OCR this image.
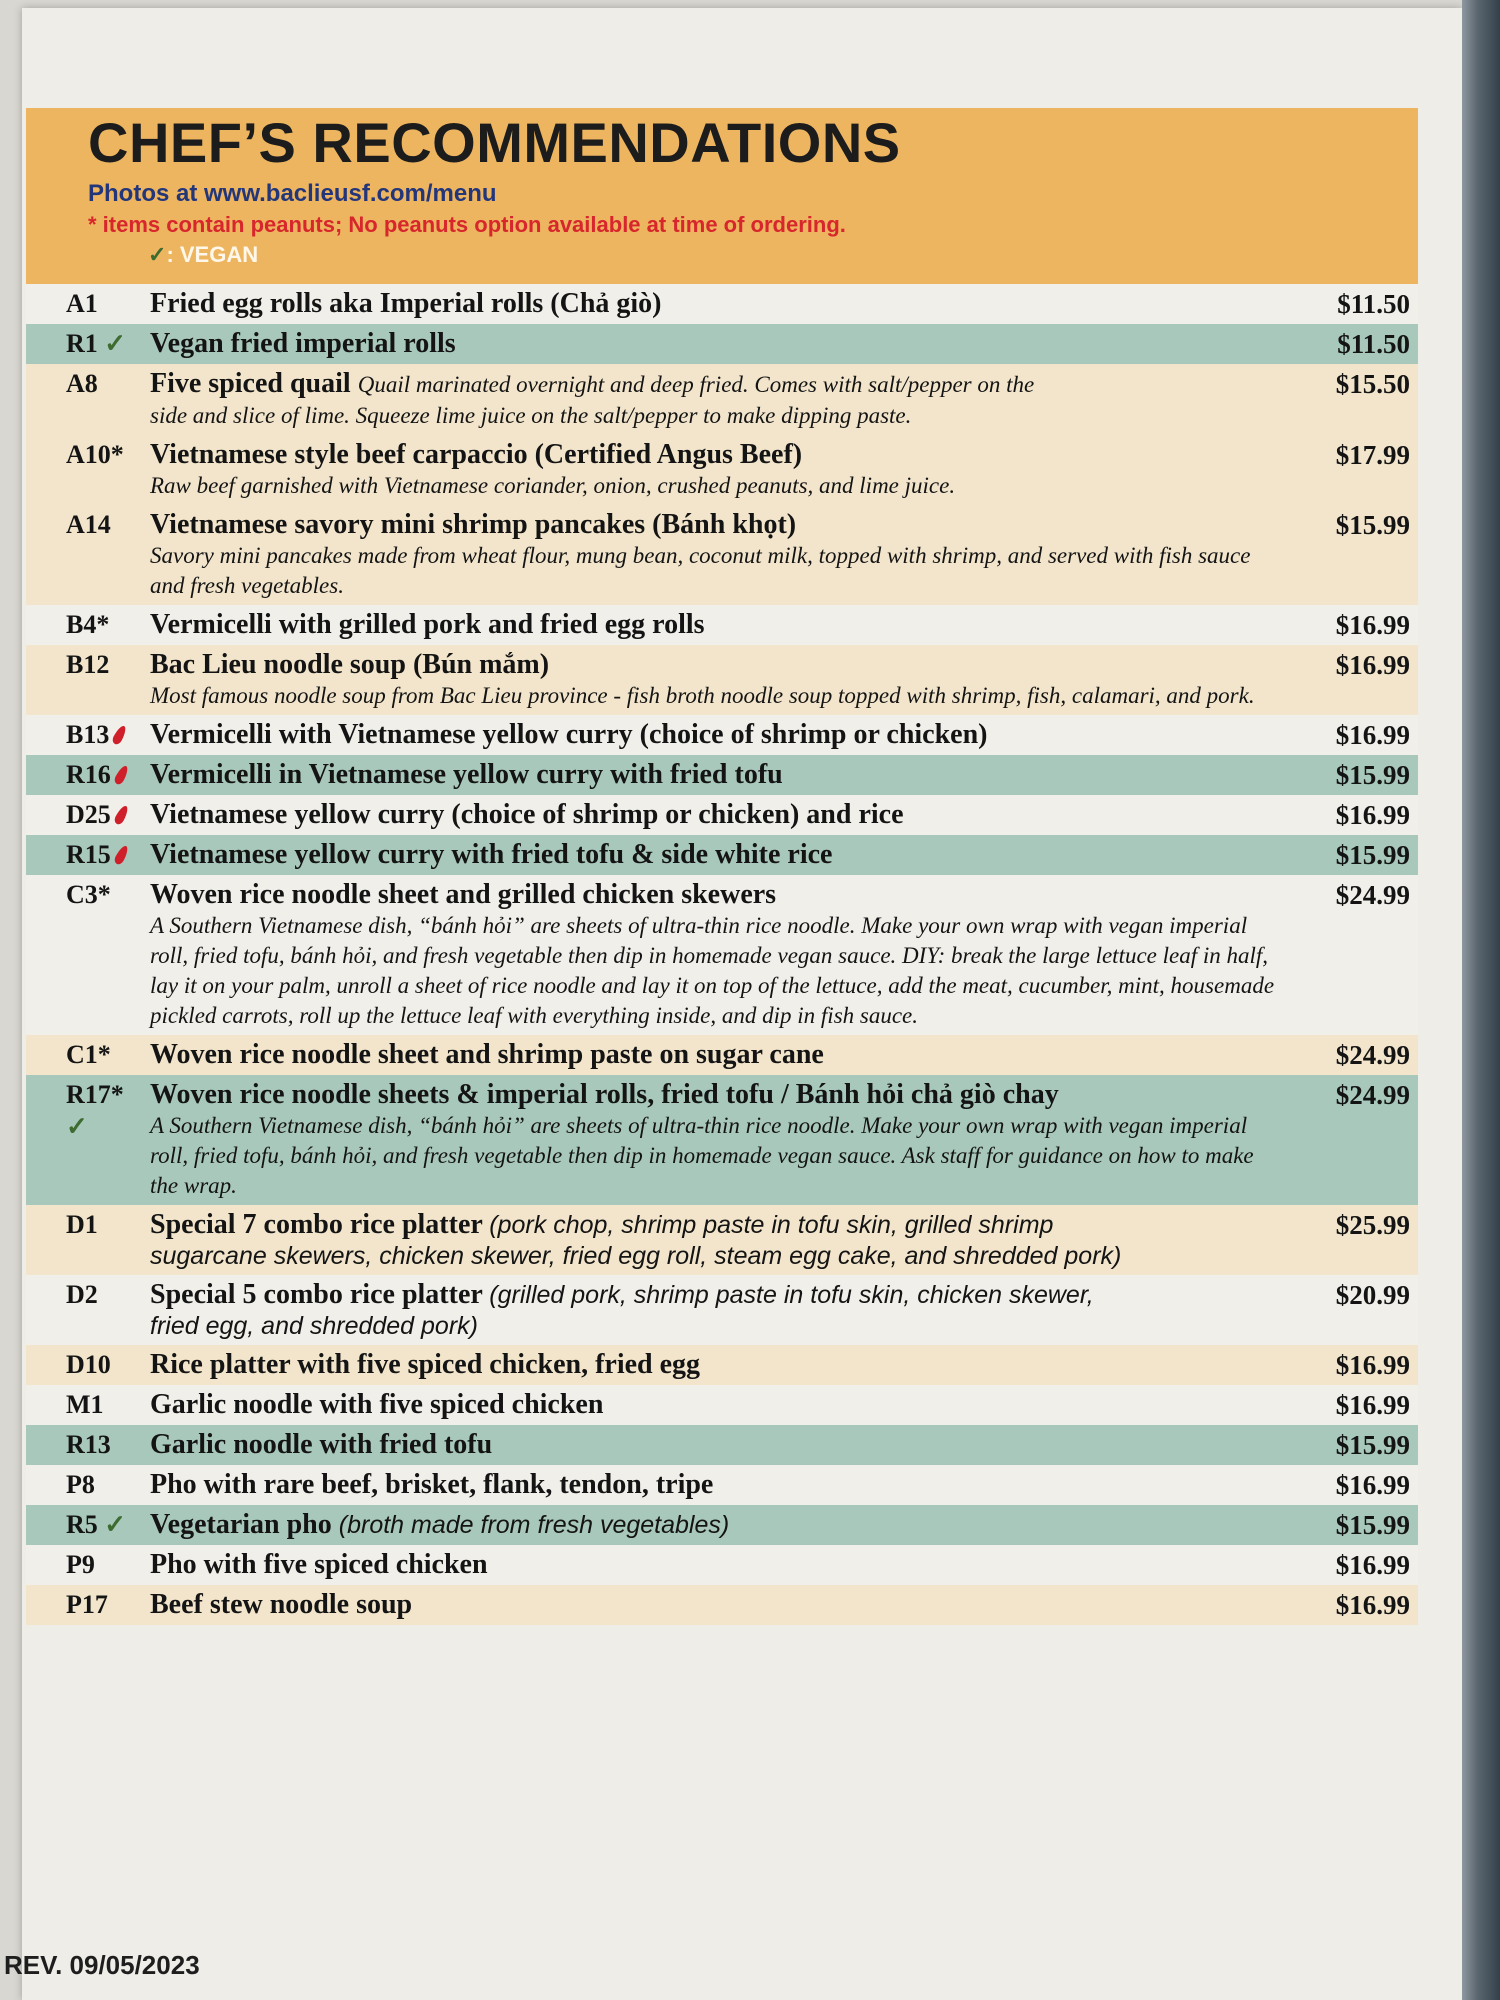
CHEF’S RECOMMENDATIONS
Photos at www.baclieusf.com/menu
* items contain peanuts; No peanuts option available at time of ordering.
✓: VEGAN
A1	Fried egg rolls aka Imperial rolls (Chả giò)	$11.50
R1 ✓ Vegan fried imperial rolls	$11.50
A8	Five spiced quail Quail marinated overnight and deep fried. Comes with salt/pepper on the
side and slice of lime. Squeeze lime juice on the salt/pepper to make dipping paste.
$15.50
A10* Vietnamese style beef carpaccio (Certified Angus Beef)
Raw beef garnished with Vietnamese coriander, onion, crushed peanuts, and lime juice.
$17.99
A14	Vietnamese savory mini shrimp pancakes (Bánh khọt)
Savory mini pancakes made from wheat flour, mung bean, coconut milk, topped with shrimp, and served with fish sauce and fresh vegetables.
$15.99
B4*	Vermicelli with grilled pork and fried egg rolls	$16.99
B12	Bac Lieu noodle soup (Bún mắm)
Most famous noodle soup from Bac Lieu province - fish broth noodle soup topped with shrimp, fish, calamari, and pork.
$16.99
B13	Vermicelli with Vietnamese yellow curry (choice of shrimp or chicken)	$16.99
R16	Vermicelli in Vietnamese yellow curry with fried tofu	$15.99
D25	Vietnamese yellow curry (choice of shrimp or chicken) and rice	$16.99
R15	Vietnamese yellow curry with fried tofu & side white rice	$15.99
C3*	Woven rice noodle sheet and grilled chicken skewers
A Southern Vietnamese dish, “bánh hỏi” are sheets of ultra-thin rice noodle. Make your own wrap with vegan imperial roll, fried tofu, bánh hỏi, and fresh vegetable then dip in homemade vegan sauce. DIY: break the large lettuce leaf in half, lay it on your palm, unroll a sheet of rice noodle and lay it on top of the lettuce, add the meat, cucumber, mint, housemade pickled carrots, roll up the lettuce leaf with everything inside, and dip in fish sauce.
$24.99
C1*	Woven rice noodle sheet and shrimp paste on sugar cane	$24.99
R17*
✓
Woven rice noodle sheets & imperial rolls, fried tofu / Bánh hỏi chả giò chay
A Southern Vietnamese dish, “bánh hỏi” are sheets of ultra-thin rice noodle. Make your own wrap with vegan imperial roll, fried tofu, bánh hỏi, and fresh vegetable then dip in homemade vegan sauce. Ask staff for guidance on how to make the wrap.
$24.99
D1	Special 7 combo rice platter (pork chop, shrimp paste in tofu skin, grilled shrimp
sugarcane skewers, chicken skewer, fried egg roll, steam egg cake, and shredded pork)
$25.99
D2	Special 5 combo rice platter (grilled pork, shrimp paste in tofu skin, chicken skewer,
fried egg, and shredded pork)
$20.99
D10	Rice platter with five spiced chicken, fried egg	$16.99
M1	Garlic noodle with five spiced chicken	$16.99
R13	Garlic noodle with fried tofu	$15.99
P8	Pho with rare beef, brisket, flank, tendon, tripe	$16.99
R5 ✓ Vegetarian pho (broth made from fresh vegetables)	$15.99
P9	Pho with five spiced chicken	$16.99
P17	Beef stew noodle soup	$16.99
REV. 09/05/2023
